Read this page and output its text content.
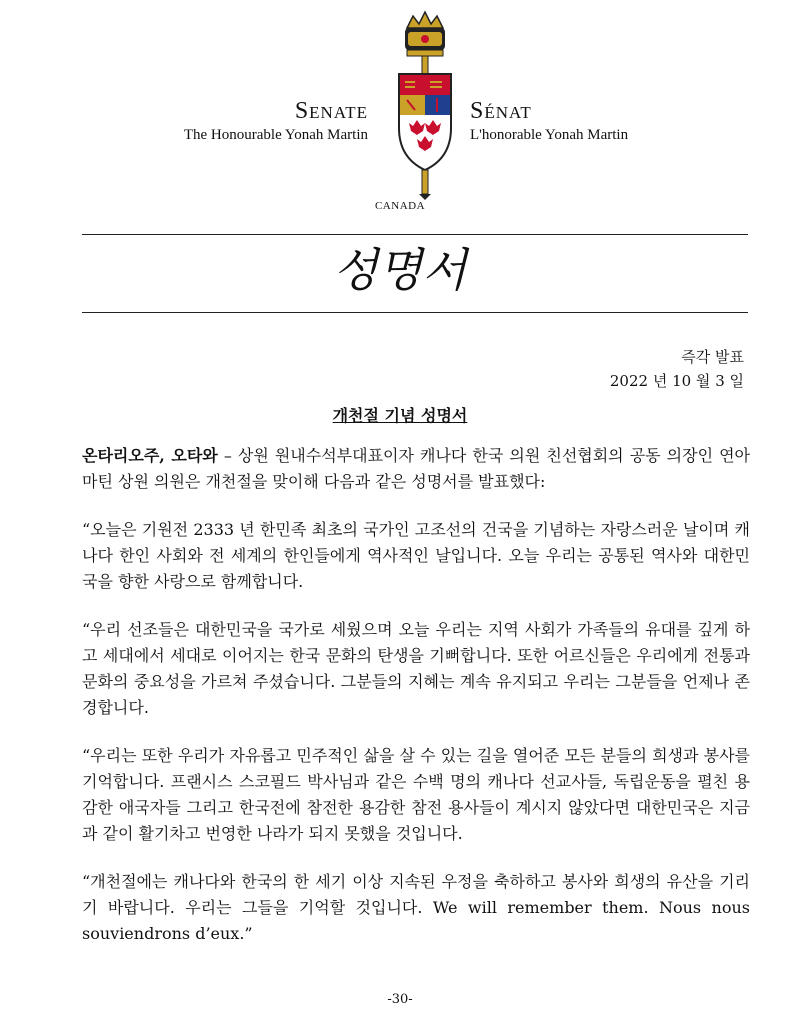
Senate
The Honourable Yonah Martin
Sénat
L'honorable Yonah Martin
CANADA
성명서
즉각 발표
2022 년 10 월 3 일
개천절 기념 성명서

온타리오주, 오타와 – 상원 원내수석부대표이자 캐나다 한국 의원 친선협회의 공동 의장인 연아 마틴 상원 의원은 개천절을 맞이해 다음과 같은 성명서를 발표했다:

“오늘은 기원전 2333 년 한민족 최초의 국가인 고조선의 건국을 기념하는 자랑스러운 날이며 캐나다 한인 사회와 전 세계의 한인들에게 역사적인 날입니다. 오늘 우리는 공통된 역사와 대한민국을 향한 사랑으로 함께합니다.

“우리 선조들은 대한민국을 국가로 세웠으며 오늘 우리는 지역 사회가 가족들의 유대를 깊게 하고 세대에서 세대로 이어지는 한국 문화의 탄생을 기뻐합니다. 또한 어르신들은 우리에게 전통과 문화의 중요성을 가르쳐 주셨습니다. 그분들의 지혜는 계속 유지되고 우리는 그분들을 언제나 존경합니다.

“우리는 또한 우리가 자유롭고 민주적인 삶을 살 수 있는 길을 열어준 모든 분들의 희생과 봉사를 기억합니다. 프랜시스 스코필드 박사님과 같은 수백 명의 캐나다 선교사들, 독립운동을 펼친 용감한 애국자들 그리고 한국전에 참전한 용감한 참전 용사들이 계시지 않았다면 대한민국은 지금과 같이 활기차고 번영한 나라가 되지 못했을 것입니다.

“개천절에는 캐나다와 한국의 한 세기 이상 지속된 우정을 축하하고 봉사와 희생의 유산을 기리기 바랍니다. 우리는 그들을 기억할 것입니다. We will remember them. Nous nous souviendrons d’eux.”

-30-
